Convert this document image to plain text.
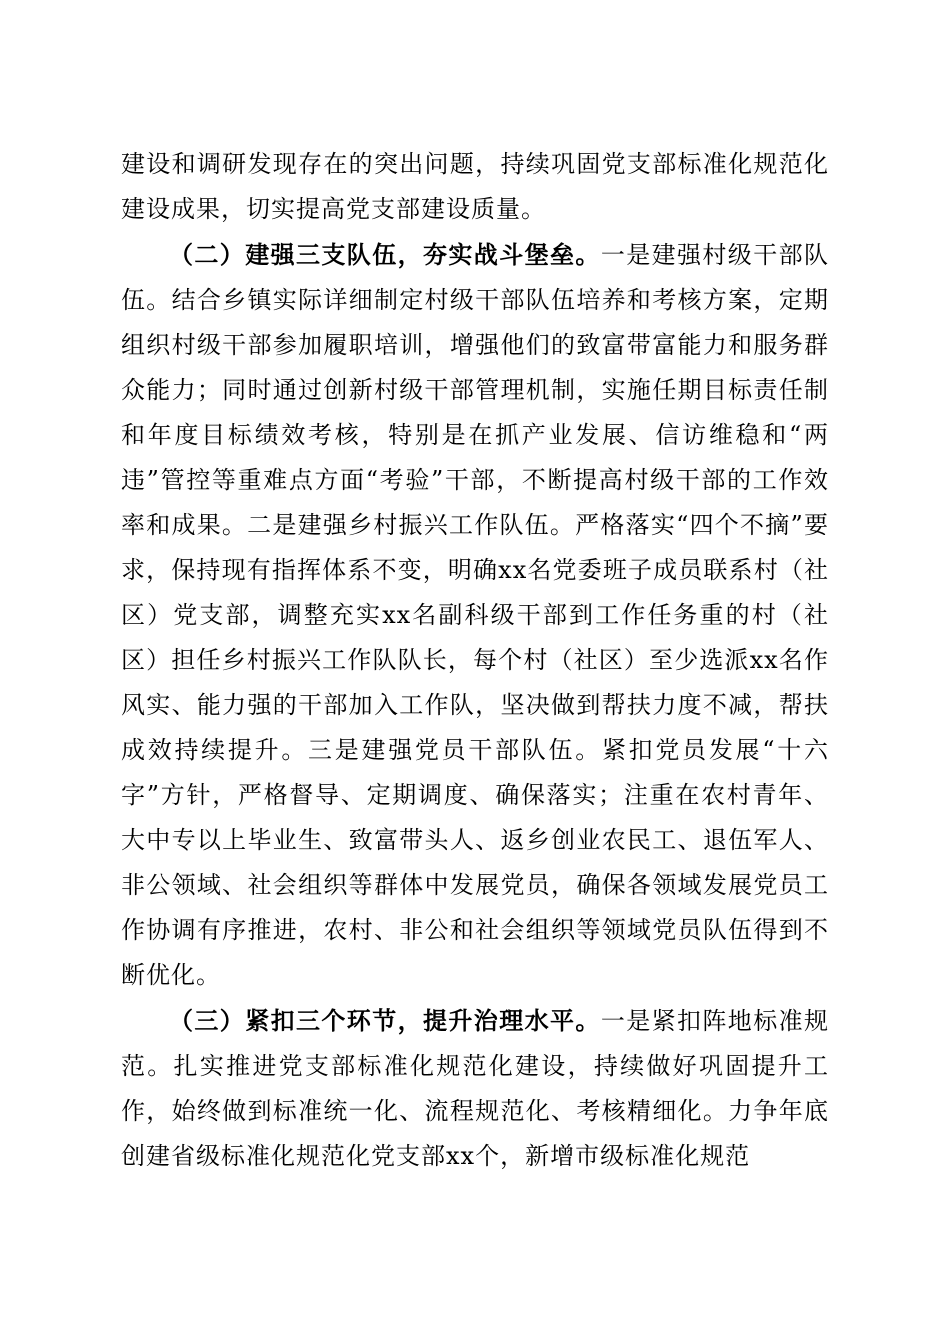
建设和调研发现存在的突出问题，持续巩固党支部标准化规范化建设成果，切实提高党支部建设质量。

（二）建强三支队伍，夯实战斗堡垒。一是建强村级干部队伍。结合乡镇实际详细制定村级干部队伍培养和考核方案，定期组织村级干部参加履职培训，增强他们的致富带富能力和服务群众能力；同时通过创新村级干部管理机制，实施任期目标责任制和年度目标绩效考核，特别是在抓产业发展、信访维稳和“两违”管控等重难点方面“考验”干部，不断提高村级干部的工作效率和成果。二是建强乡村振兴工作队伍。严格落实“四个不摘”要求，保持现有指挥体系不变，明确xx名党委班子成员联系村（社区）党支部，调整充实xx名副科级干部到工作任务重的村（社区）担任乡村振兴工作队队长，每个村（社区）至少选派xx名作风实、能力强的干部加入工作队，坚决做到帮扶力度不减，帮扶成效持续提升。三是建强党员干部队伍。紧扣党员发展“十六字”方针，严格督导、定期调度、确保落实；注重在农村青年、大中专以上毕业生、致富带头人、返乡创业农民工、退伍军人、非公领域、社会组织等群体中发展党员，确保各领域发展党员工作协调有序推进，农村、非公和社会组织等领域党员队伍得到不断优化。

（三）紧扣三个环节，提升治理水平。一是紧扣阵地标准规范。扎实推进党支部标准化规范化建设，持续做好巩固提升工作，始终做到标准统一化、流程规范化、考核精细化。力争年底创建省级标准化规范化党支部xx个，新增市级标准化规范
